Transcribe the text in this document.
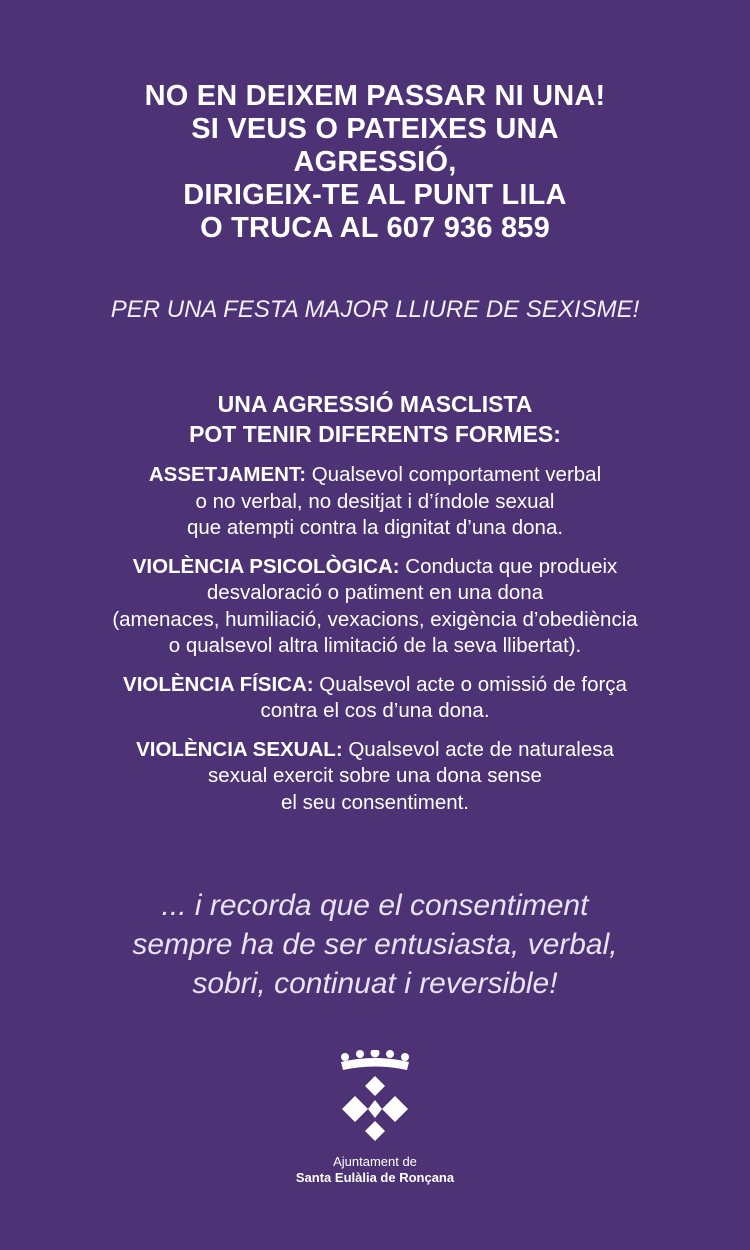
NO EN DEIXEM PASSAR NI UNA!
SI VEUS O PATEIXES UNA
AGRESSIÓ,
DIRIGEIX-TE AL PUNT LILA
O TRUCA AL 607 936 859
PER UNA FESTA MAJOR LLIURE DE SEXISME!
UNA AGRESSIÓ MASCLISTA
POT TENIR DIFERENTS FORMES:
ASSETJAMENT: Qualsevol comportament verbal
o no verbal, no desitjat i d’índole sexual
que atempti contra la dignitat d’una dona.
VIOLÈNCIA PSICOLÒGICA: Conducta que produeix
desvaloració o patiment en una dona
(amenaces, humiliació, vexacions, exigència d’obediència
o qualsevol altra limitació de la seva llibertat).
VIOLÈNCIA FÍSICA: Qualsevol acte o omissió de força
contra el cos d’una dona.
VIOLÈNCIA SEXUAL: Qualsevol acte de naturalesa
sexual exercit sobre una dona sense
el seu consentiment.
... i recorda que el consentiment
sempre ha de ser entusiasta, verbal,
sobri, continuat i reversible!
Ajuntament de
Santa Eulàlia de Ronçana
